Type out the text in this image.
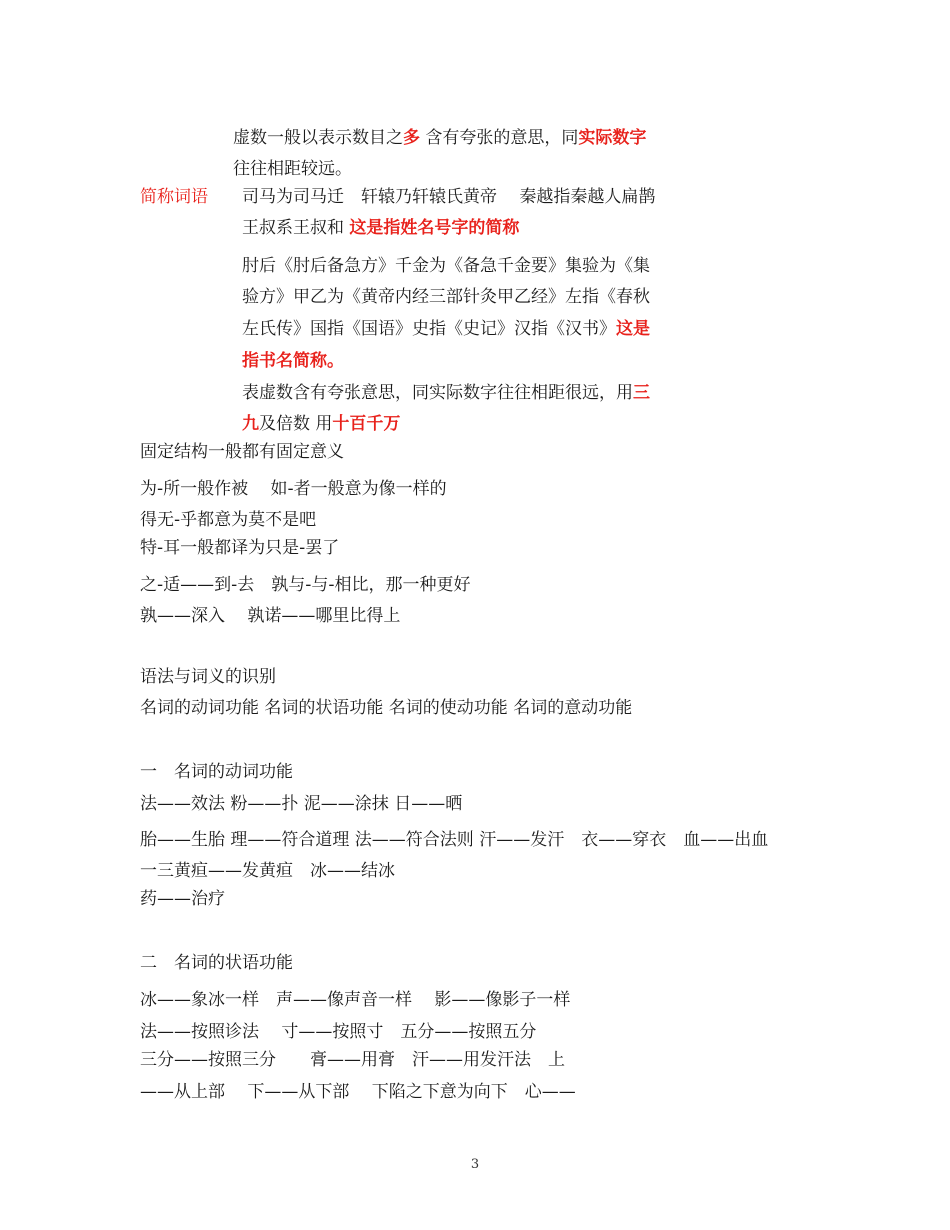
虚数一般以表示数目之多 含有夸张的意思，同实际数字
往往相距较远。
简称词语 司马为司马迁　轩辕乃轩辕氏黄帝　 秦越指秦越人扁鹊
王叔系王叔和 这是指姓名号字的简称
肘后《肘后备急方》千金为《备急千金要》集验为《集
验方》甲乙为《黄帝内经三部针灸甲乙经》左指《春秋
左氏传》国指《国语》史指《史记》汉指《汉书》这是
指书名简称。
表虚数含有夸张意思，同实际数字往往相距很远，用三
九及倍数 用十百千万
固定结构一般都有固定意义
为-所一般作被　 如-者一般意为像一样的
得无-乎都意为莫不是吧
特-耳一般都译为只是-罢了
之-适——到-去　孰与-与-相比，那一种更好
孰——深入　 孰诺——哪里比得上
语法与词义的识别
名词的动词功能 名词的状语功能 名词的使动功能 名词的意动功能
一　名词的动词功能
法——效法 粉——扑 泥——涂抹 日——晒
胎——生胎 理——符合道理 法——符合法则 汗——发汗　衣——穿衣　血——出血
一三黄疸——发黄疸　冰——结冰
药——治疗
二　名词的状语功能
冰——象冰一样　声——像声音一样　 影——像影子一样
法——按照诊法　 寸——按照寸　五分——按照五分
三分——按照三分　　膏——用膏　汗——用发汗法　上
——从上部　 下——从下部　 下陷之下意为向下　心——
3
